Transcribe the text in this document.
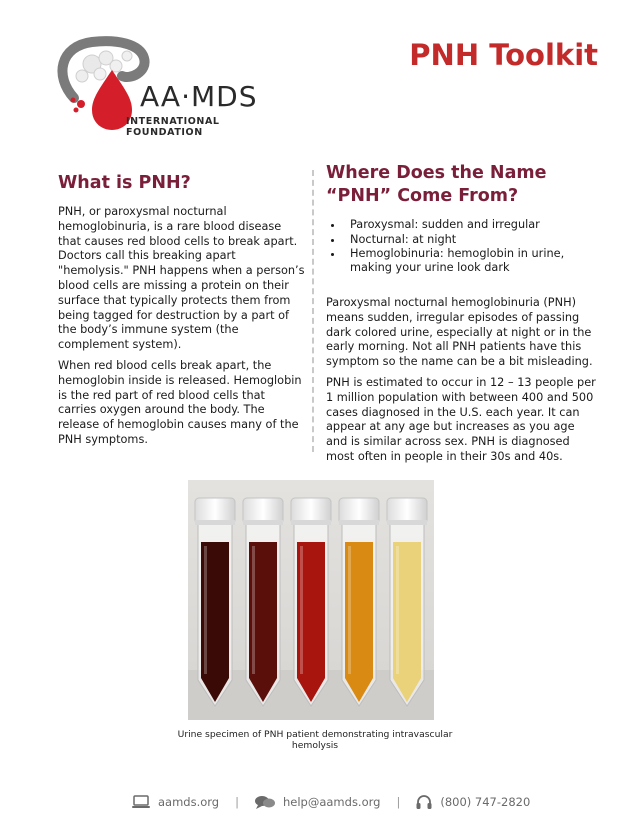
AA·MDS
INTERNATIONAL FOUNDATION
PNH Toolkit
What is PNH?

PNH, or paroxysmal nocturnal hemoglobinuria, is a rare blood disease that causes red blood cells to break apart. Doctors call this breaking apart "hemolysis." PNH happens when a person’s blood cells are missing a protein on their surface that typically protects them from being tagged for destruction by a part of the body’s immune system (the complement system).

When red blood cells break apart, the hemoglobin inside is released. Hemoglobin is the red part of red blood cells that carries oxygen around the body. The release of hemoglobin causes many of the PNH symptoms.

Where Does the Name “PNH” Come From?
• Paroxysmal: sudden and irregular
• Nocturnal: at night
• Hemoglobinuria: hemoglobin in urine, making your urine look dark

Paroxysmal nocturnal hemoglobinuria (PNH) means sudden, irregular episodes of passing dark colored urine, especially at night or in the early morning. Not all PNH patients have this symptom so the name can be a bit misleading.

PNH is estimated to occur in 12 – 13 people per 1 million population with between 400 and 500 cases diagnosed in the U.S. each year. It can appear at any age but increases as you age and is similar across sex. PNH is diagnosed most often in people in their 30s and 40s.

Urine specimen of PNH patient demonstrating intravascular hemolysis
aamds.org |	help@aamds.org |	(800) 747-2820
